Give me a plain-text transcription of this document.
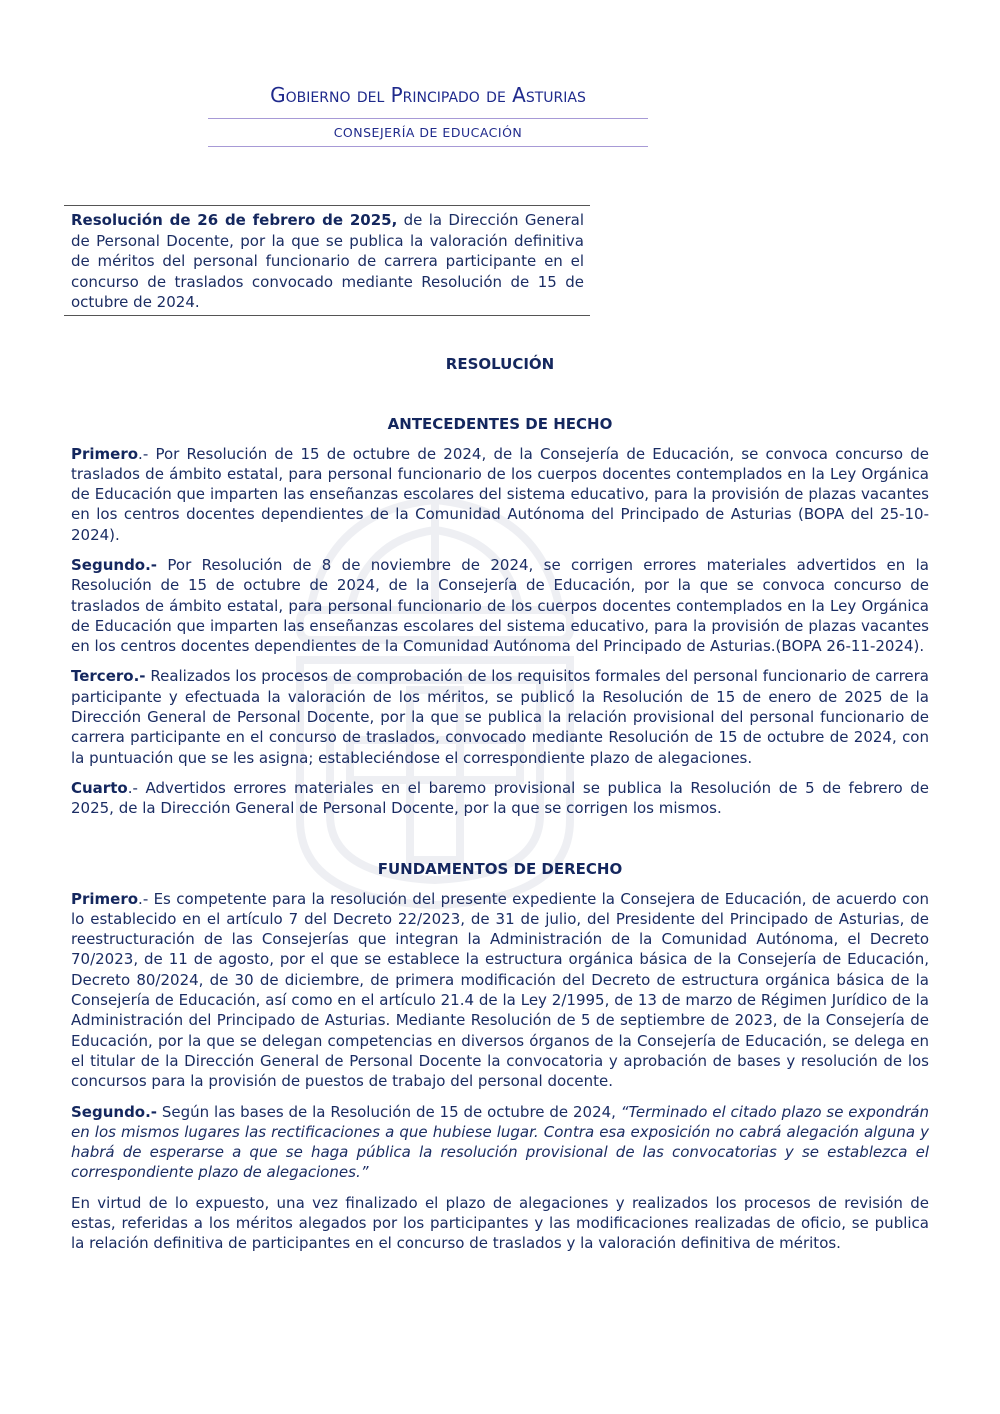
Gobierno del Principado de Asturias

CONSEJERÍA DE EDUCACIÓN

Resolución de 26 de febrero de 2025, de la Dirección General de Personal Docente, por la que se publica la valoración definitiva de méritos del personal funcionario de carrera participante en el concurso de traslados convocado mediante Resolución de 15 de octubre de 2024.

RESOLUCIÓN
ANTECEDENTES DE HECHO

Primero.- Por Resolución de 15 de octubre de 2024, de la Consejería de Educación, se convoca concurso de traslados de ámbito estatal, para personal funcionario de los cuerpos docentes contemplados en la Ley Orgánica de Educación que imparten las enseñanzas escolares del sistema educativo, para la provisión de plazas vacantes en los centros docentes dependientes de la Comunidad Autónoma del Principado de Asturias (BOPA del 25-10-2024).

Segundo.- Por Resolución de 8 de noviembre de 2024, se corrigen errores materiales advertidos en la Resolución de 15 de octubre de 2024, de la Consejería de Educación, por la que se convoca concurso de traslados de ámbito estatal, para personal funcionario de los cuerpos docentes contemplados en la Ley Orgánica de Educación que imparten las enseñanzas escolares del sistema educativo, para la provisión de plazas vacantes en los centros docentes dependientes de la Comunidad Autónoma del Principado de Asturias.(BOPA 26-11-2024).

Tercero.- Realizados los procesos de comprobación de los requisitos formales del personal funcionario de carrera participante y efectuada la valoración de los méritos, se publicó la Resolución de 15 de enero de 2025 de la Dirección General de Personal Docente, por la que se publica la relación provisional del personal funcionario de carrera participante en el concurso de traslados, convocado mediante Resolución de 15 de octubre de 2024, con la puntuación que se les asigna; estableciéndose el correspondiente plazo de alegaciones.

Cuarto.- Advertidos errores materiales en el baremo provisional se publica la Resolución de 5 de febrero de 2025, de la Dirección General de Personal Docente, por la que se corrigen los mismos.

FUNDAMENTOS DE DERECHO

Primero.- Es competente para la resolución del presente expediente la Consejera de Educación, de acuerdo con lo establecido en el artículo 7 del Decreto 22/2023, de 31 de julio, del Presidente del Principado de Asturias, de reestructuración de las Consejerías que integran la Administración de la Comunidad Autónoma, el Decreto 70/2023, de 11 de agosto, por el que se establece la estructura orgánica básica de la Consejería de Educación, Decreto 80/2024, de 30 de diciembre, de primera modificación del Decreto de estructura orgánica básica de la Consejería de Educación, así como en el artículo 21.4 de la Ley 2/1995, de 13 de marzo de Régimen Jurídico de la Administración del Principado de Asturias. Mediante Resolución de 5 de septiembre de 2023, de la Consejería de Educación, por la que se delegan competencias en diversos órganos de la Consejería de Educación, se delega en el titular de la Dirección General de Personal Docente la convocatoria y aprobación de bases y resolución de los concursos para la provisión de puestos de trabajo del personal docente.

Segundo.- Según las bases de la Resolución de 15 de octubre de 2024, “Terminado el citado plazo se expondrán en los mismos lugares las rectificaciones a que hubiese lugar. Contra esa exposición no cabrá alegación alguna y habrá de esperarse a que se haga pública la resolución provisional de las convocatorias y se establezca el correspondiente plazo de alegaciones.”

En virtud de lo expuesto, una vez finalizado el plazo de alegaciones y realizados los procesos de revisión de estas, referidas a los méritos alegados por los participantes y las modificaciones realizadas de oficio, se publica la relación definitiva de participantes en el concurso de traslados y la valoración definitiva de méritos.
